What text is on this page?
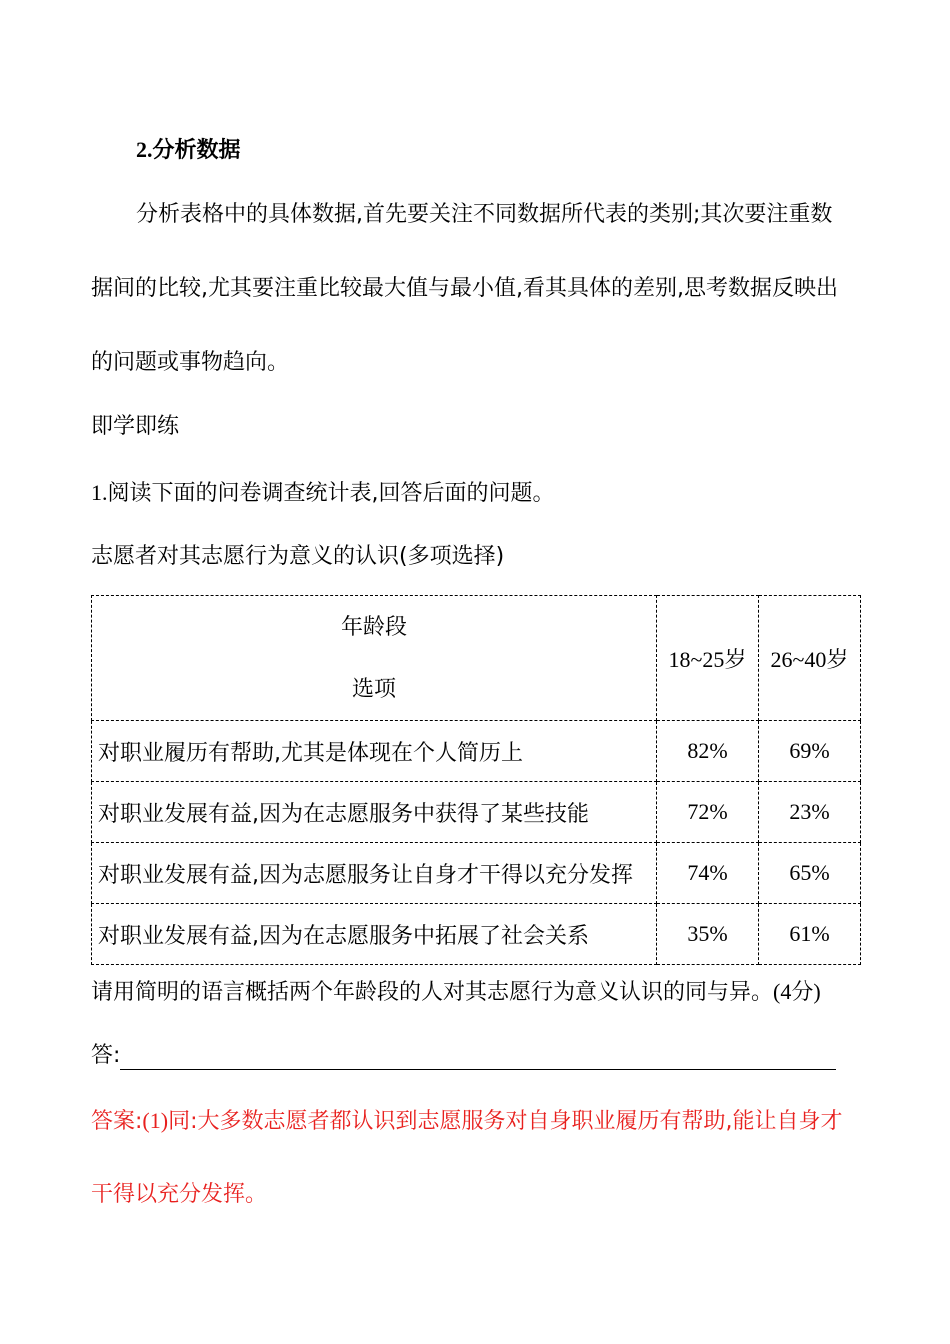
2.分析数据
分析表格中的具体数据,首先要关注不同数据所代表的类别;其次要注重数
据间的比较,尤其要注重比较最大值与最小值,看其具体的差别,思考数据反映出
的问题或事物趋向。
即学即练
1.阅读下面的问卷调查统计表,回答后面的问题。
志愿者对其志愿行为意义的认识(多项选择)
年龄段
选项	18~25岁	26~40岁
对职业履历有帮助,尤其是体现在个人简历上	82%	69%
对职业发展有益,因为在志愿服务中获得了某些技能	72%	23%
对职业发展有益,因为志愿服务让自身才干得以充分发挥	74%	65%
对职业发展有益,因为在志愿服务中拓展了社会关系	35%	61%
请用简明的语言概括两个年龄段的人对其志愿行为意义认识的同与异。(4分)
答:
答案:(1)同:大多数志愿者都认识到志愿服务对自身职业履历有帮助,能让自身才
干得以充分发挥。
